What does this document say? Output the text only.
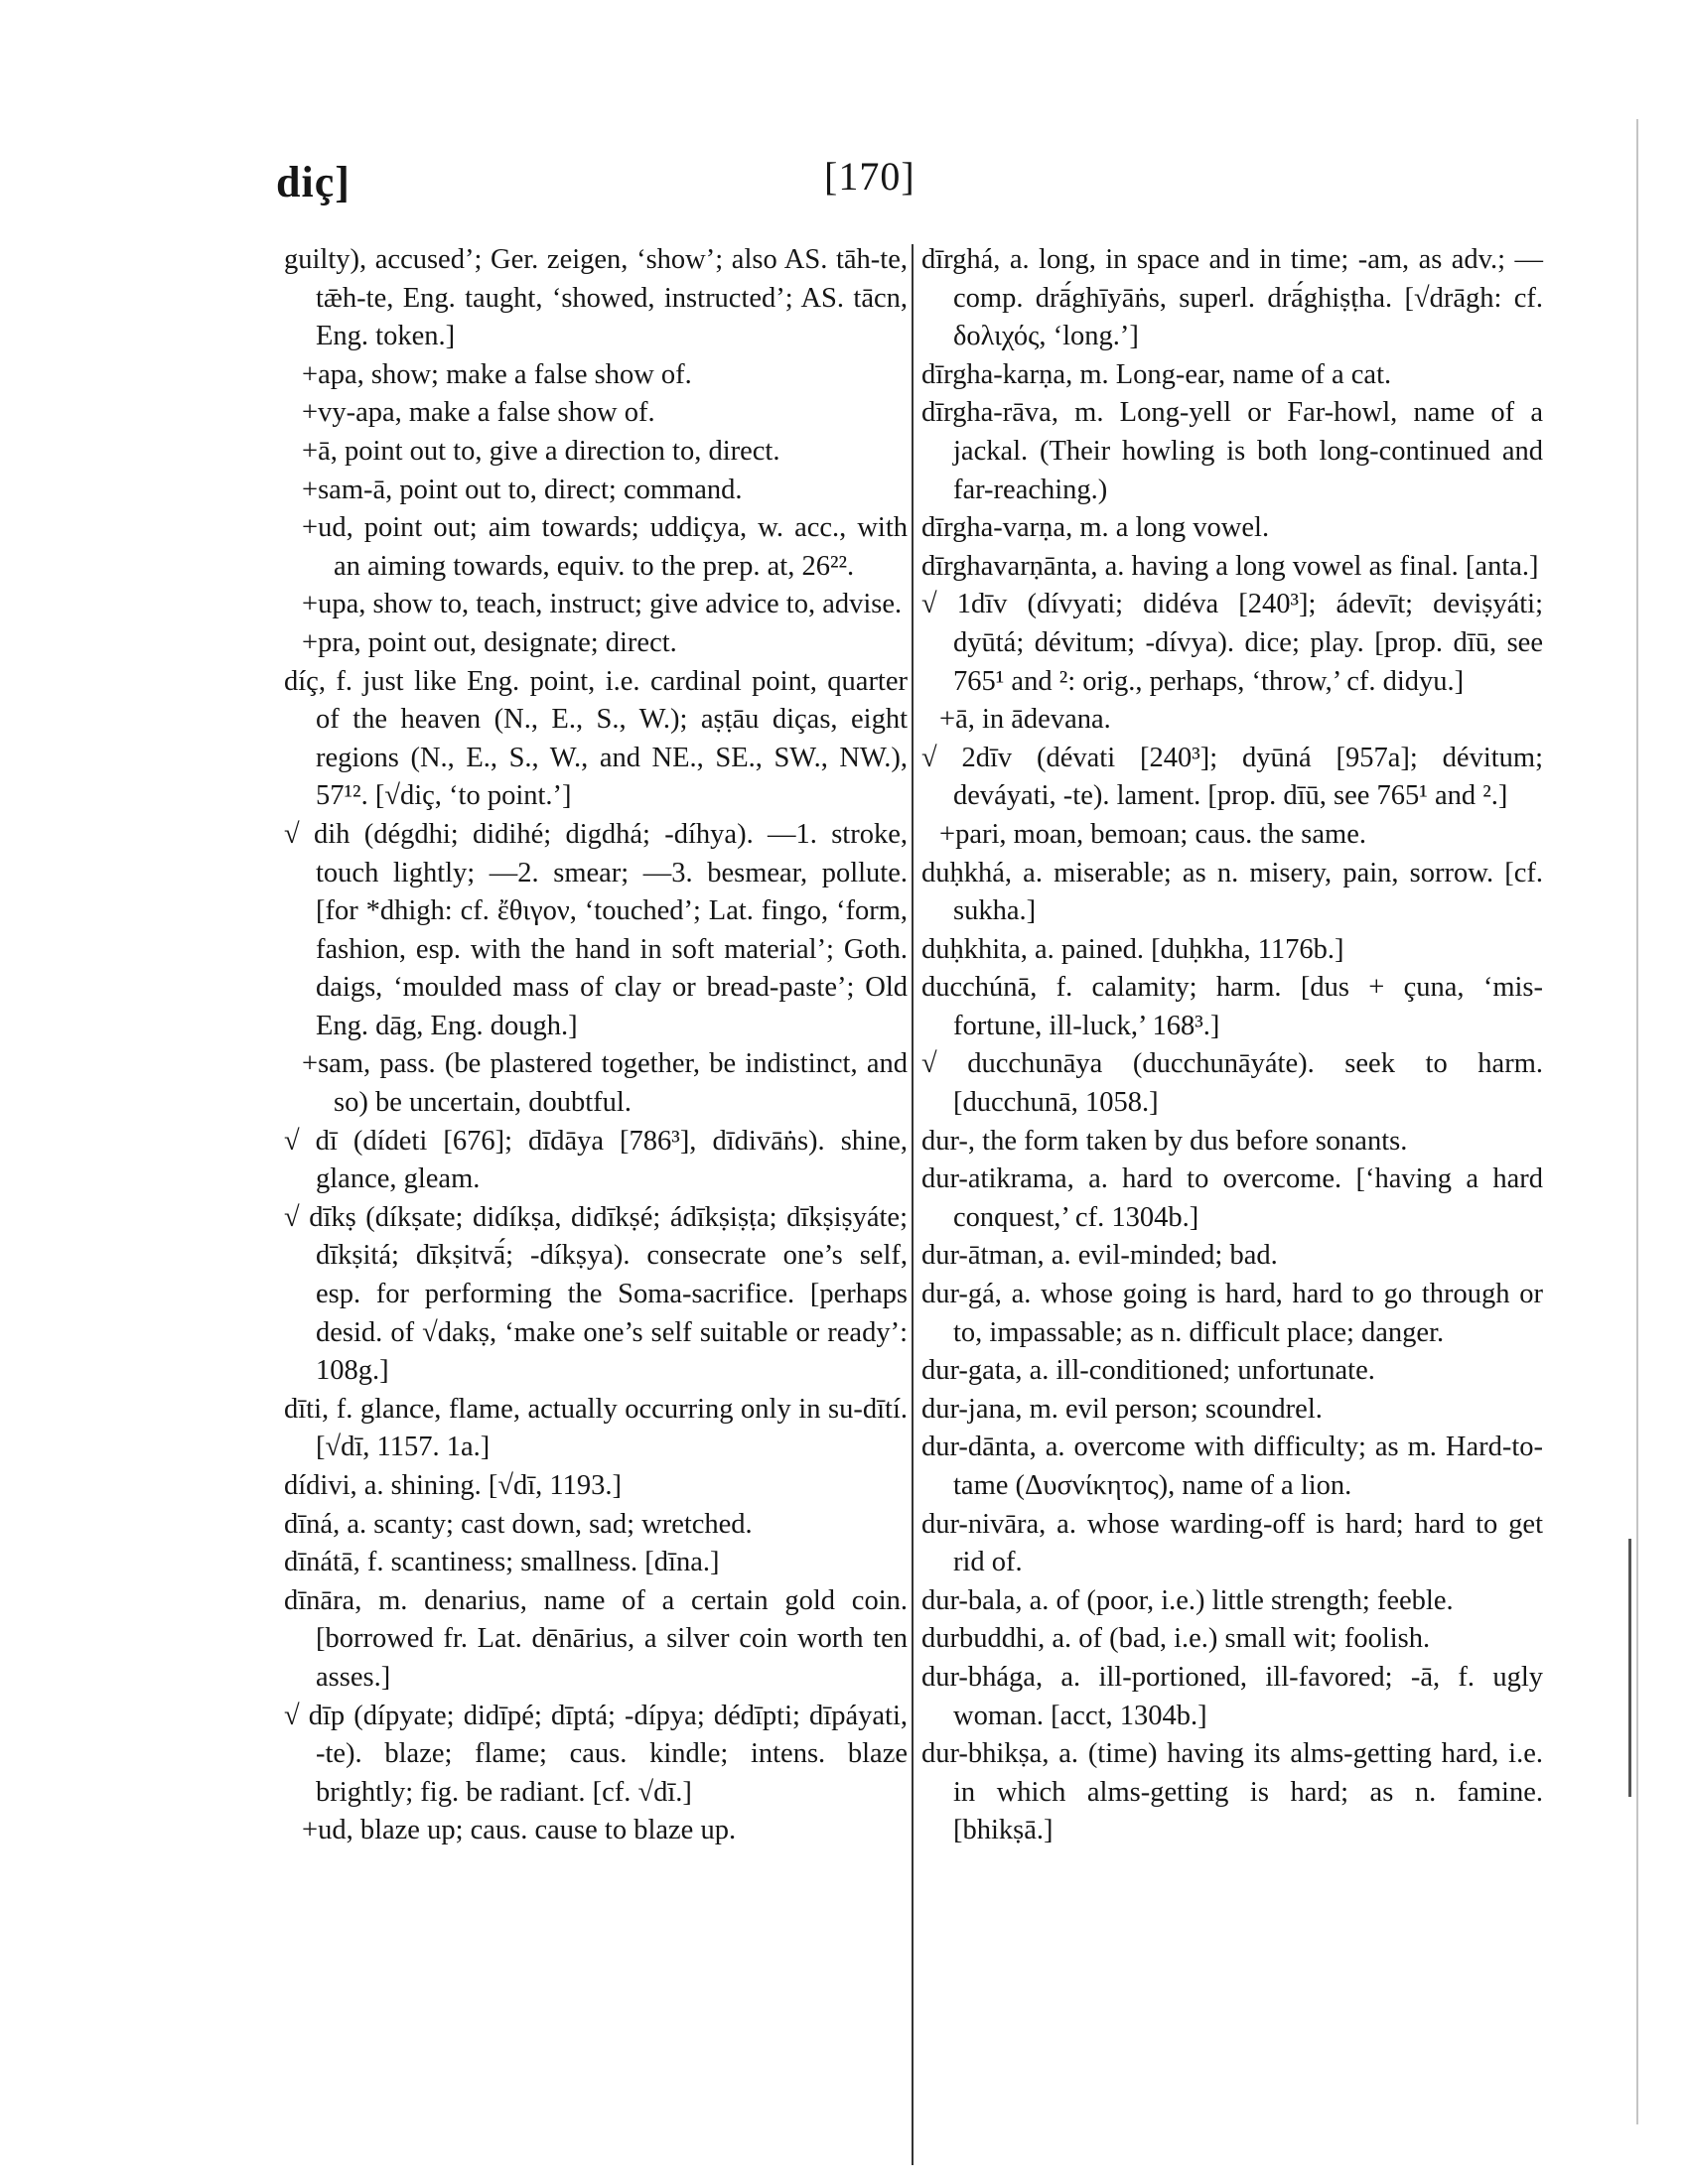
diç]	[170]

guilty), accused’; Ger. zeigen, ‘show’; also AS. tāh-te, tǣh-te, Eng. taught, ‘showed, instructed’; AS. tācn, Eng. token.]

+apa, show; make a false show of.

+vy-apa, make a false show of.

+ā, point out to, give a direction to, direct.

+sam-ā, point out to, direct; command.

+ud, point out; aim towards; uddiçya, w. acc., with an aiming towards, equiv. to the prep. at, 26²².

+upa, show to, teach, instruct; give advice to, advise.

+pra, point out, designate; direct.

díç, f. just like Eng. point, i.e. cardinal point, quarter of the heaven (N., E., S., W.); aṣṭāu diças, eight regions (N., E., S., W., and NE., SE., SW., NW.), 57¹². [√diç, ‘to point.’]

√ dih (dégdhi; didihé; digdhá; -díhya). —1. stroke, touch lightly; —2. smear; —3. besmear, pollute. [for *dhigh: cf. ἔθιγον, ‘touched’; Lat. fingo, ‘form, fashion, esp. with the hand in soft material’; Goth. daigs, ‘moulded mass of clay or bread-paste’; Old Eng. dāg, Eng. dough.]

+sam, pass. (be plastered together, be indistinct, and so) be uncertain, doubtful.

√ dī (dídeti [676]; dīdāya [786³], dīdivāṅs). shine, glance, gleam.

√ dīkṣ (díkṣate; didíkṣa, didīkṣé; ádīkṣiṣṭa; dīkṣiṣyáte; dīkṣitá; dīkṣitvā́; -díkṣya). consecrate one’s self, esp. for performing the Soma-sacrifice. [perhaps desid. of √dakṣ, ‘make one’s self suitable or ready’: 108g.]

dīti, f. glance, flame, actually occurring only in su-dītí. [√dī, 1157. 1a.]

dídivi, a. shining. [√dī, 1193.]

dīná, a. scanty; cast down, sad; wretched.

dīnátā, f. scantiness; smallness. [dīna.]

dīnāra, m. denarius, name of a certain gold coin. [borrowed fr. Lat. dēnārius, a silver coin worth ten asses.]

√ dīp (dípyate; didīpé; dīptá; -dípya; dédīpti; dīpáyati, -te). blaze; flame; caus. kindle; intens. blaze brightly; fig. be radiant. [cf. √dī.]

+ud, blaze up; caus. cause to blaze up.

dīrghá, a. long, in space and in time; -am, as adv.; —comp. drā́ghīyāṅs, superl. drā́ghiṣṭha. [√drāgh: cf. δολιχός, ‘long.’]

dīrgha-karṇa, m. Long-ear, name of a cat.

dīrgha-rāva, m. Long-yell or Far-howl, name of a jackal. (Their howling is both long-continued and far-reaching.)

dīrgha-varṇa, m. a long vowel.

dīrghavarṇānta, a. having a long vowel as final. [anta.]

√ 1dīv (dívyati; didéva [240³]; ádevīt; deviṣyáti; dyūtá; dévitum; -dívya). dice; play. [prop. dīū, see 765¹ and ²: orig., perhaps, ‘throw,’ cf. didyu.]

+ā, in ādevana.

√ 2dīv (dévati [240³]; dyūná [957a]; dévitum; deváyati, -te). lament. [prop. dīū, see 765¹ and ².]

+pari, moan, bemoan; caus. the same.

duḥkhá, a. miserable; as n. misery, pain, sorrow. [cf. sukha.]

duḥkhita, a. pained. [duḥkha, 1176b.]

ducchúnā, f. calamity; harm. [dus + çuna, ‘mis-fortune, ill-luck,’ 168³.]

√ ducchunāya (ducchunāyáte). seek to harm. [ducchunā, 1058.]

dur-, the form taken by dus before sonants.

dur-atikrama, a. hard to overcome. [‘having a hard conquest,’ cf. 1304b.]

dur-ātman, a. evil-minded; bad.

dur-gá, a. whose going is hard, hard to go through or to, impassable; as n. difficult place; danger.

dur-gata, a. ill-conditioned; unfortunate.

dur-jana, m. evil person; scoundrel.

dur-dānta, a. overcome with difficulty; as m. Hard-to-tame (Δυσνίκητος), name of a lion.

dur-nivāra, a. whose warding-off is hard; hard to get rid of.

dur-bala, a. of (poor, i.e.) little strength; feeble.

durbuddhi, a. of (bad, i.e.) small wit; foolish.

dur-bhága, a. ill-portioned, ill-favored; -ā, f. ugly woman. [acct, 1304b.]

dur-bhikṣa, a. (time) having its alms-getting hard, i.e. in which alms-getting is hard; as n. famine. [bhikṣā.]
